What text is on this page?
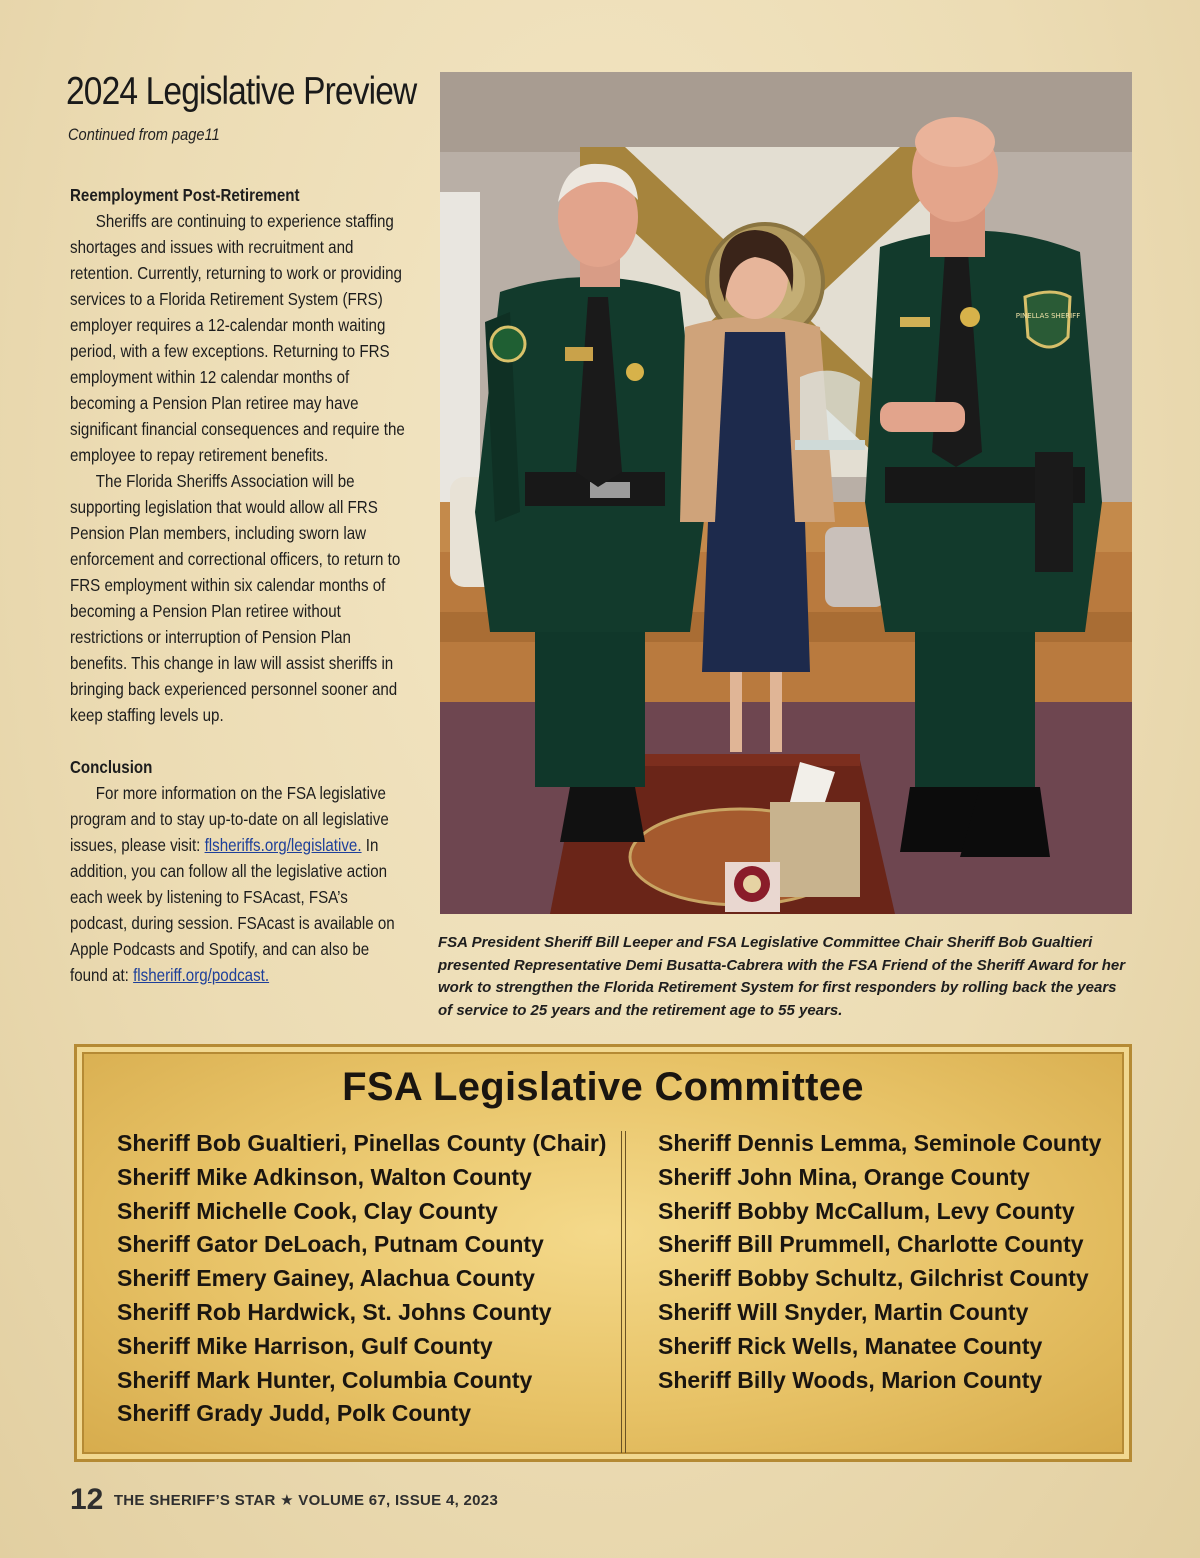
2024 Legislative Preview
Continued from page11
Reemployment Post-Retirement

Sheriffs are continuing to experience staffing shortages and issues with recruitment and retention. Currently, returning to work or providing services to a Florida Retirement System (FRS) employer requires a 12-calendar month waiting period, with a few exceptions. Returning to FRS employment within 12 calendar months of becoming a Pension Plan retiree may have significant financial consequences and require the employee to repay retirement benefits.

The Florida Sheriffs Association will be supporting legislation that would allow all FRS Pension Plan members, including sworn law enforcement and correctional officers, to return to FRS employment within six calendar months of becoming a Pension Plan retiree without restrictions or interruption of Pension Plan benefits. This change in law will assist sheriffs in bringing back experienced personnel sooner and keep staffing levels up.

Conclusion

For more information on the FSA legislative program and to stay up-to-date on all legislative issues, please visit: flsheriffs.org/legislative. In addition, you can follow all the legislative action each week by listening to FSAcast, FSA’s podcast, during session. FSAcast is available on Apple Podcasts and Spotify, and can also be found at: flsheriff.org/podcast.

PINELLAS SHERIFF
FSA President Sheriff Bill Leeper and FSA Legislative Committee Chair Sheriff Bob Gualtieri presented Representative Demi Busatta-Cabrera with the FSA Friend of the Sheriff Award for her work to strengthen the Florida Retirement System for first responders by rolling back the years of service to 25 years and the retirement age to 55 years.
FSA Legislative Committee
Sheriff Bob Gualtieri, Pinellas County (Chair)
Sheriff Mike Adkinson, Walton County
Sheriff Michelle Cook, Clay County
Sheriff Gator DeLoach, Putnam County
Sheriff Emery Gainey, Alachua County
Sheriff Rob Hardwick, St. Johns County
Sheriff Mike Harrison, Gulf County
Sheriff Mark Hunter, Columbia County
Sheriff Grady Judd, Polk County
Sheriff Dennis Lemma, Seminole County
Sheriff John Mina, Orange County
Sheriff Bobby McCallum, Levy County
Sheriff Bill Prummell, Charlotte County
Sheriff Bobby Schultz, Gilchrist County
Sheriff Will Snyder, Martin County
Sheriff Rick Wells, Manatee County
Sheriff Billy Woods, Marion County
12 THE SHERIFF’S STAR ★ VOLUME 67, ISSUE 4, 2023
